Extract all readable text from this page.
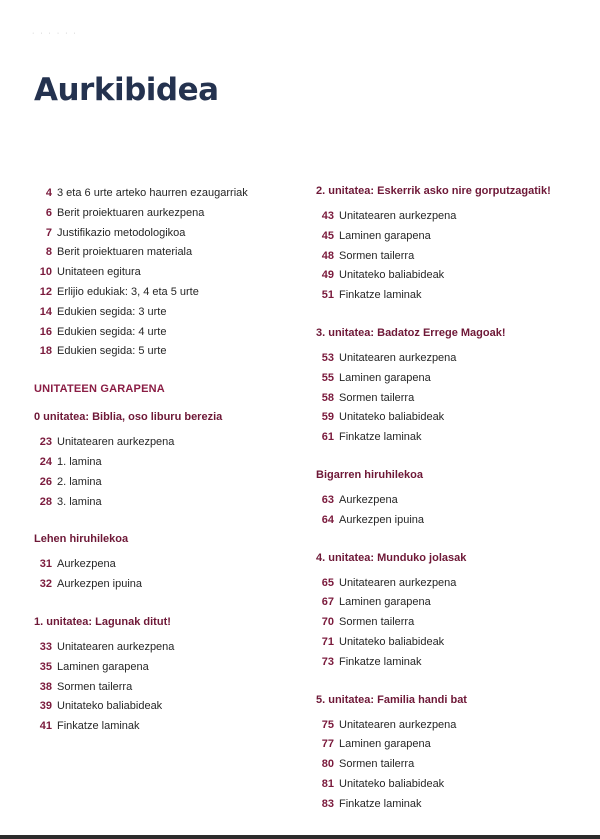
· · · · · ·
Aurkibidea
4 3 eta 6 urte arteko haurren ezaugarriak
6 Berit proiektuaren aurkezpena
7 Justifikazio metodologikoa
8 Berit proiektuaren materiala
10 Unitateen egitura
12 Erlijio edukiak: 3, 4 eta 5 urte
14 Edukien segida: 3 urte
16 Edukien segida: 4 urte
18 Edukien segida: 5 urte
UNITATEEN GARAPENA
0 unitatea: Biblia, oso liburu berezia
23 Unitatearen aurkezpena
24 1. lamina
26 2. lamina
28 3. lamina
Lehen hiruhilekoa
31 Aurkezpena
32 Aurkezpen ipuina
1. unitatea: Lagunak ditut!
33 Unitatearen aurkezpena
35 Laminen garapena
38 Sormen tailerra
39 Unitateko baliabideak
41 Finkatze laminak
2. unitatea: Eskerrik asko nire gorputzagatik!
43 Unitatearen aurkezpena
45 Laminen garapena
48 Sormen tailerra
49 Unitateko baliabideak
51 Finkatze laminak
3. unitatea: Badatoz Errege Magoak!
53 Unitatearen aurkezpena
55 Laminen garapena
58 Sormen tailerra
59 Unitateko baliabideak
61 Finkatze laminak
Bigarren hiruhilekoa
63 Aurkezpena
64 Aurkezpen ipuina
4. unitatea: Munduko jolasak
65 Unitatearen aurkezpena
67 Laminen garapena
70 Sormen tailerra
71 Unitateko baliabideak
73 Finkatze laminak
5. unitatea: Familia handi bat
75 Unitatearen aurkezpena
77 Laminen garapena
80 Sormen tailerra
81 Unitateko baliabideak
83 Finkatze laminak
